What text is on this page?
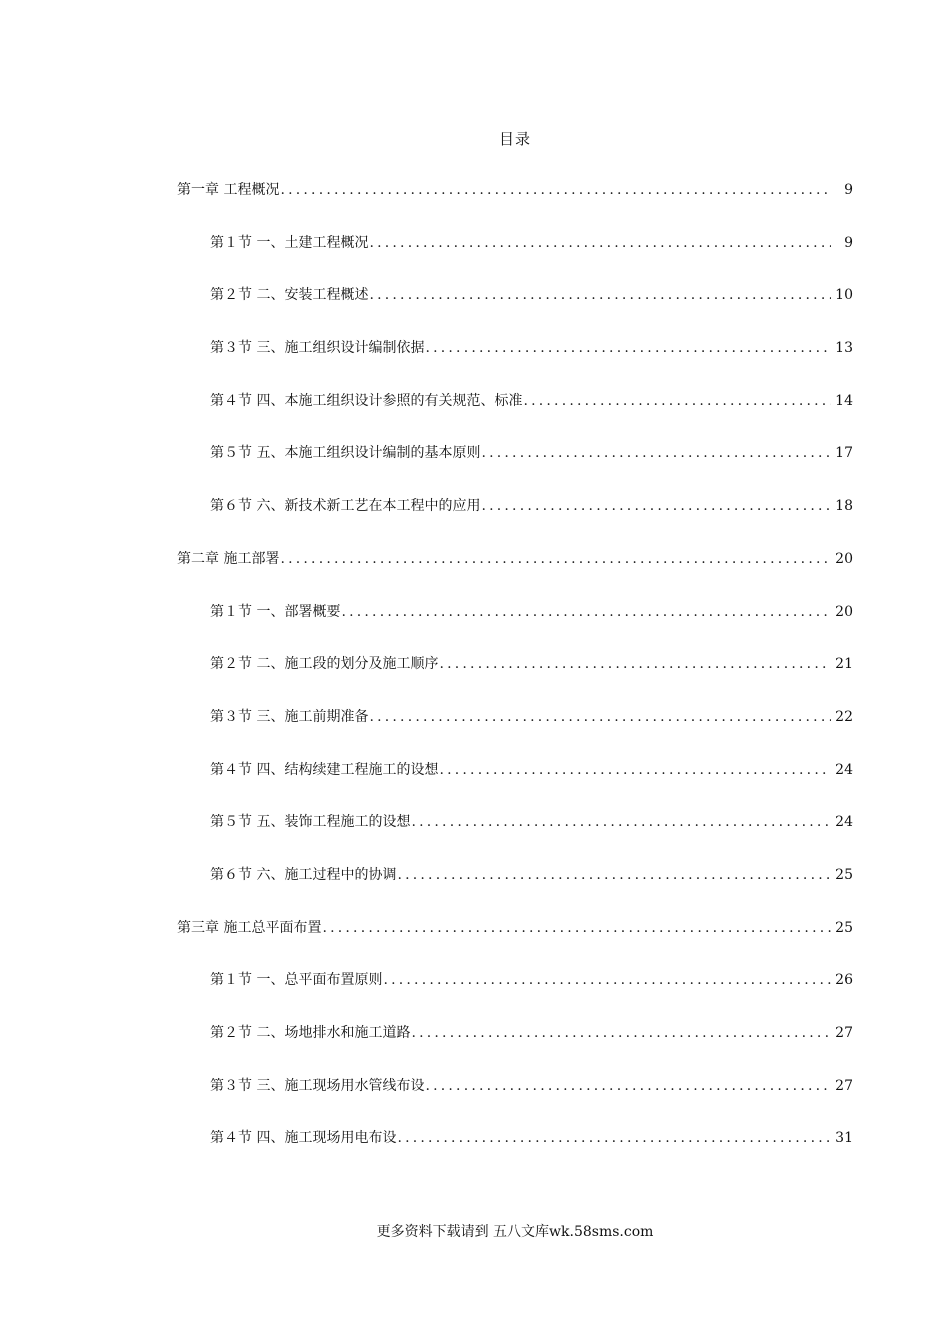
目录
第一章 工程概况 .....	9
第１节 一、土建工程概况 .....	9
第２节 二、安装工程概述 .....	10
第３节 三、施工组织设计编制依据 .....	13
第４节 四、本施工组织设计参照的有关规范、标准 .....	14
第５节 五、本施工组织设计编制的基本原则 .....	17
第６节 六、新技术新工艺在本工程中的应用 .....	18
第二章 施工部署 .....	20
第１节 一、部署概要 .....	20
第２节 二、施工段的划分及施工顺序 .....	21
第３节 三、施工前期准备 .....	22
第４节 四、结构续建工程施工的设想 .....	24
第５节 五、装饰工程施工的设想 .....	24
第６节 六、施工过程中的协调 .....	25
第三章 施工总平面布置 .....	25
第１节 一、总平面布置原则 .....	26
第２节 二、场地排水和施工道路 .....	27
第３节 三、施工现场用水管线布设 .....	27
第４节 四、施工现场用电布设 .....	31
更多资料下载请到 五八文库wk.58sms.com
